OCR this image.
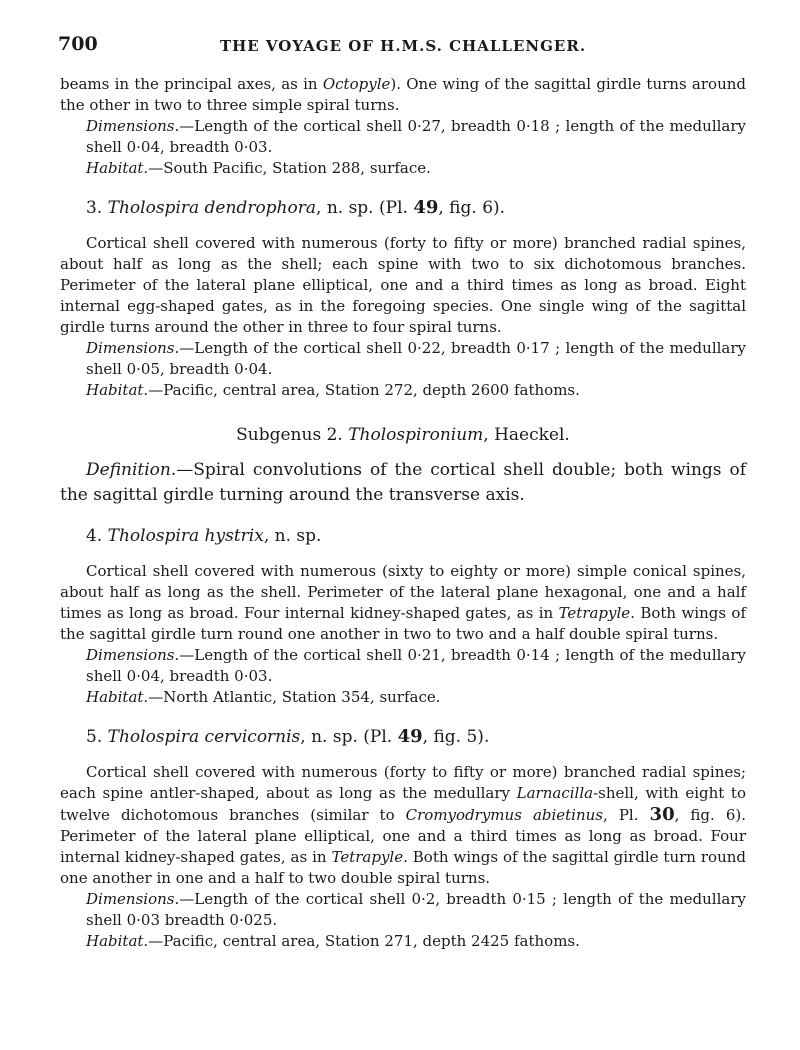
700	THE VOYAGE OF H.M.S. CHALLENGER.

beams in the principal axes, as in Octopyle). One wing of the sagittal girdle turns around the other in two to three simple spiral turns.

Dimensions.—Length of the cortical shell 0·27, breadth 0·18 ; length of the medullary shell 0·04, breadth 0·03.

Habitat.—South Pacific, Station 288, surface.

3. Tholospira dendrophora, n. sp. (Pl. 49, fig. 6).

Cortical shell covered with numerous (forty to fifty or more) branched radial spines, about half as long as the shell; each spine with two to six dichotomous branches. Perimeter of the lateral plane elliptical, one and a third times as long as broad. Eight internal egg-shaped gates, as in the foregoing species. One single wing of the sagittal girdle turns around the other in three to four spiral turns.

Dimensions.—Length of the cortical shell 0·22, breadth 0·17 ; length of the medullary shell 0·05, breadth 0·04.

Habitat.—Pacific, central area, Station 272, depth 2600 fathoms.

Subgenus 2. Tholospironium, Haeckel.

Definition.—Spiral convolutions of the cortical shell double; both wings of the sagittal girdle turning around the transverse axis.

4. Tholospira hystrix, n. sp.

Cortical shell covered with numerous (sixty to eighty or more) simple conical spines, about half as long as the shell. Perimeter of the lateral plane hexagonal, one and a half times as long as broad. Four internal kidney-shaped gates, as in Tetrapyle. Both wings of the sagittal girdle turn round one another in two to two and a half double spiral turns.

Dimensions.—Length of the cortical shell 0·21, breadth 0·14 ; length of the medullary shell 0·04, breadth 0·03.

Habitat.—North Atlantic, Station 354, surface.

5. Tholospira cervicornis, n. sp. (Pl. 49, fig. 5).

Cortical shell covered with numerous (forty to fifty or more) branched radial spines; each spine antler-shaped, about as long as the medullary Larnacilla-shell, with eight to twelve dichotomous branches (similar to Cromyodrymus abietinus, Pl. 30, fig. 6). Perimeter of the lateral plane elliptical, one and a third times as long as broad. Four internal kidney-shaped gates, as in Tetrapyle. Both wings of the sagittal girdle turn round one another in one and a half to two double spiral turns.

Dimensions.—Length of the cortical shell 0·2, breadth 0·15 ; length of the medullary shell 0·03 breadth 0·025.

Habitat.—Pacific, central area, Station 271, depth 2425 fathoms.
